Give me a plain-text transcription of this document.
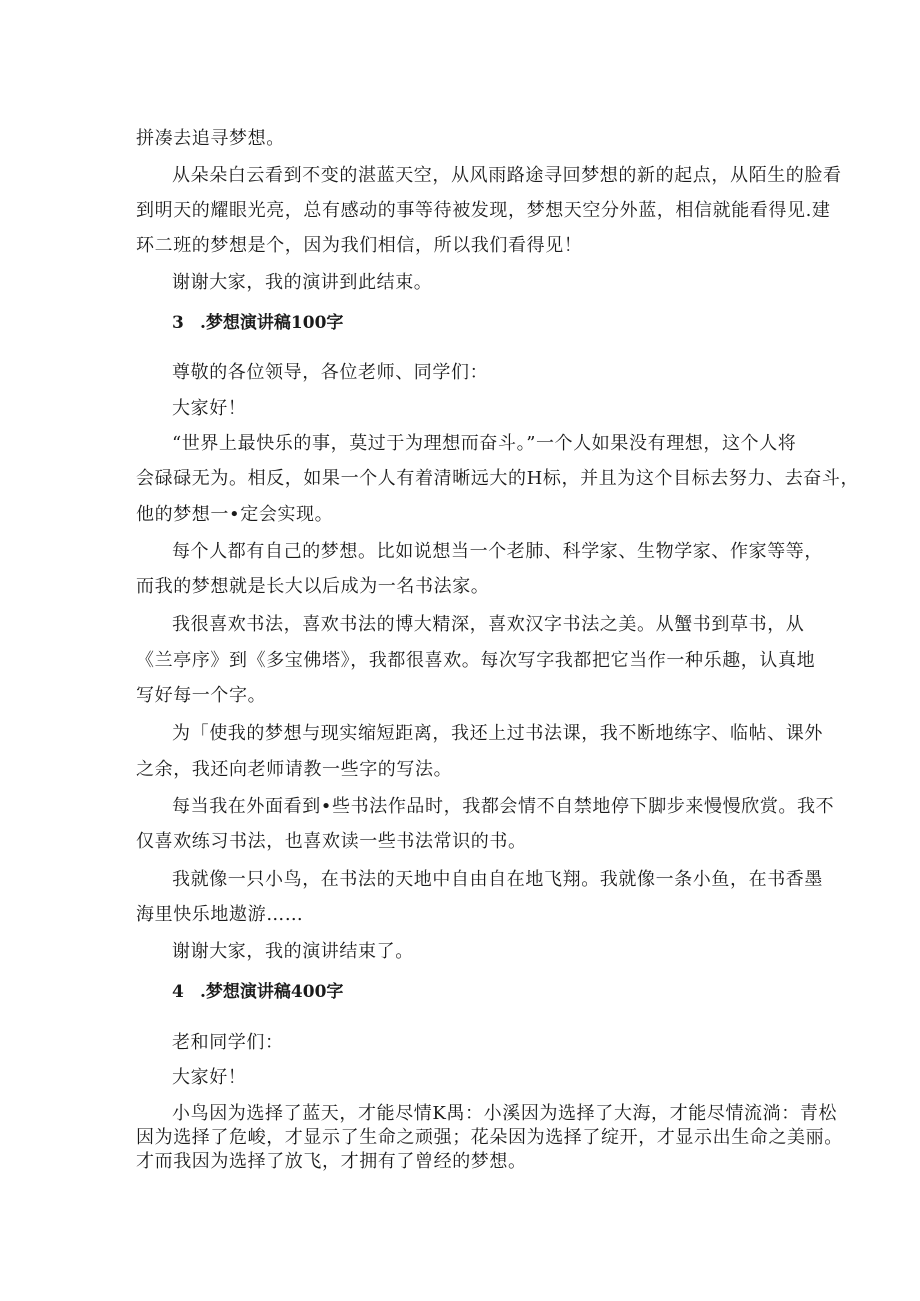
拼凑去追寻梦想。
从朵朵白云看到不变的湛蓝天空，从风雨路途寻回梦想的新的起点，从陌生的脸看
到明天的耀眼光亮，总有感动的事等待被发现，梦想天空分外蓝，相信就能看得见.建
环二班的梦想是个，因为我们相信，所以我们看得见！
谢谢大家，我的演讲到此结束。
3 .梦想演讲稿100字
尊敬的各位领导，各位老师、同学们：
大家好！
“世界上最快乐的事，莫过于为理想而奋斗。”一个人如果没有理想，这个人将
会碌碌无为。相反，如果一个人有着清晰远大的H标，并且为这个目标去努力、去奋斗，
他的梦想一•定会实现。
每个人都有自己的梦想。比如说想当一个老肺、科学家、生物学家、作家等等，
而我的梦想就是长大以后成为一名书法家。
我很喜欢书法，喜欢书法的博大精深，喜欢汉字书法之美。从蟹书到草书，从
《兰亭序》到《多宝佛塔》，我都很喜欢。每次写字我都把它当作一种乐趣，认真地
写好每一个字。
为「使我的梦想与现实缩短距离，我还上过书法课，我不断地练字、临帖、课外
之余，我还向老师请教一些字的写法。
每当我在外面看到•些书法作品时，我都会情不自禁地停下脚步来慢慢欣赏。我不
仅喜欢练习书法，也喜欢读一些书法常识的书。
我就像一只小鸟，在书法的天地中自由自在地飞翔。我就像一条小鱼，在书香墨
海里快乐地遨游……
谢谢大家，我的演讲结束了。
4 .梦想演讲稿400字
老和同学们：
大家好！
小鸟因为选择了蓝天，才能尽情K禺：小溪因为选择了大海，才能尽情流淌：青松
因为选择了危峻，才显示了生命之顽强；花朵因为选择了绽开，才显示出生命之美丽。
才而我因为选择了放飞，才拥有了曾经的梦想。
